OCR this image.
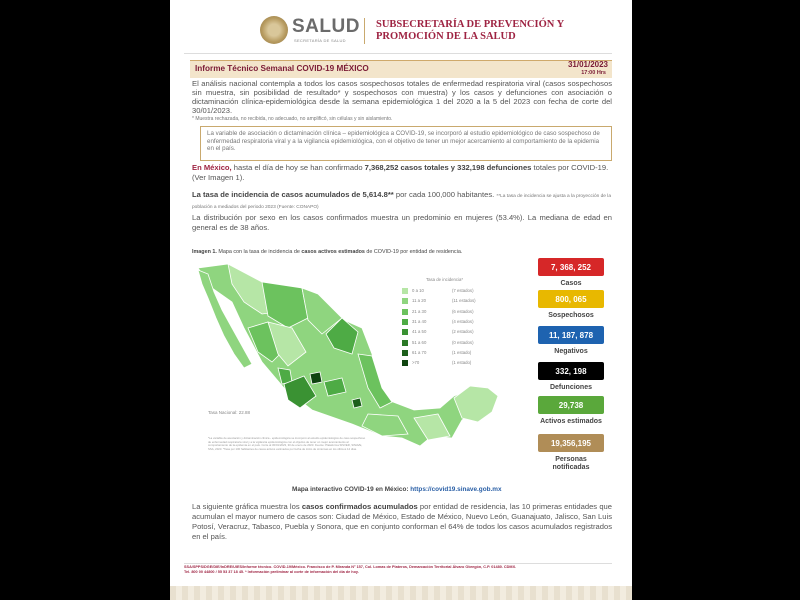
SALUD
SECRETARÍA DE SALUD
SUBSECRETARÍA DE PREVENCIÓN Y
PROMOCIÓN DE LA SALUD
Informe Técnico Semanal COVID-19 MÉXICO	31/01/2023
17:00 Hrs
El análisis nacional contempla a todos los casos sospechosos totales de enfermedad respiratoria viral (casos sospechosos sin muestra, sin posibilidad de resultado* y sospechosos con muestra) y los casos y defunciones con asociación o dictaminación clínica-epidemiológica desde la semana epidemiológica 1 del 2020 a la 5 del 2023 con fecha de corte del 30/01/2023.
* Muestra rechazada, no recibida, no adecuado, no amplificó, sin células y sin aislamiento.
La variable de asociación o dictaminación clínica – epidemiológica a COVID-19, se incorporó al estudio epidemiológico de caso sospechoso de enfermedad respiratoria viral y a la vigilancia epidemiológica, con el objetivo de tener un mejor acercamiento al comportamiento de la epidemia en el país.
En México, hasta el día de hoy se han confirmado 7,368,252 casos totales y 332,198 defunciones totales por COVID-19. (Ver Imagen 1).
La tasa de incidencia de casos acumulados de 5,614.8** por cada 100,000 habitantes. **La tasa de incidencia se ajusta a la proyección de la población a mediados del periodo 2023 (Fuente: CONAPO)
La distribución por sexo en los casos confirmados muestra un predominio en mujeres (53.4%). La mediana de edad en general es de 38 años.
Imagen 1. Mapa con la tasa de incidencia de casos activos estimados de COVID-19 por entidad de residencia.
Tasa de incidencia*
0 a 10	(7 estados)
11 a 20	(11 estados)
21 a 30	(6 estados)
31 a 40	(4 estados)
41 a 50	(2 estados)
51 a 60	(0 estados)
61 a 70	(1 estado)
>70	(1 estado)
Tasa Nacional: 22.88
*La variable de asociación y dictaminación clínica - epidemiológica se incorporó al estudio epidemiológico de caso sospechoso de enfermedad respiratoria viral y a la vigilancia epidemiológica con el objetivo de tener un mejor acercamiento al comportamiento de la epidemia en el país. Corte al 30/01/2023, 30 de enero de 2023. Fuente: Plataforma SISVER, SINAVE, SSA, 2023. *Tasa por 100 habitantes de casos activos estimados por fecha de inicio de síntomas en los últimos 14 días.
7, 368, 252
Casos
800, 065
Sospechosos
11, 187, 878
Negativos
332, 198
Defunciones
29,738
Activos estimados
19,356,195
Personas notificadas
Mapa interactivo COVID-19 en México: https://covid19.sinave.gob.mx
La siguiente gráfica muestra los casos confirmados acumulados por entidad de residencia, las 10 primeras entidades que acumulan el mayor numero de casos son: Ciudad de México, Estado de México, Nuevo León, Guanajuato, Jalisco, San Luis Potosí, Veracruz, Tabasco, Puebla y Sonora, que en conjunto conforman el 64% de todos los casos acumulados registrados en el país.
SSA/SPPS/DGE/DIE/InDRE/UIES/Informe técnico. COVID-19/México. Francisco de P. Miranda N° 157, Col. Lomas de Plateros, Demarcación Territorial Álvaro Obregón, C.P. 01480. CDMX.
Tel. 800 00 44800 / 55 53 37 18 45. * Información preliminar al corte de información del día de hoy.
